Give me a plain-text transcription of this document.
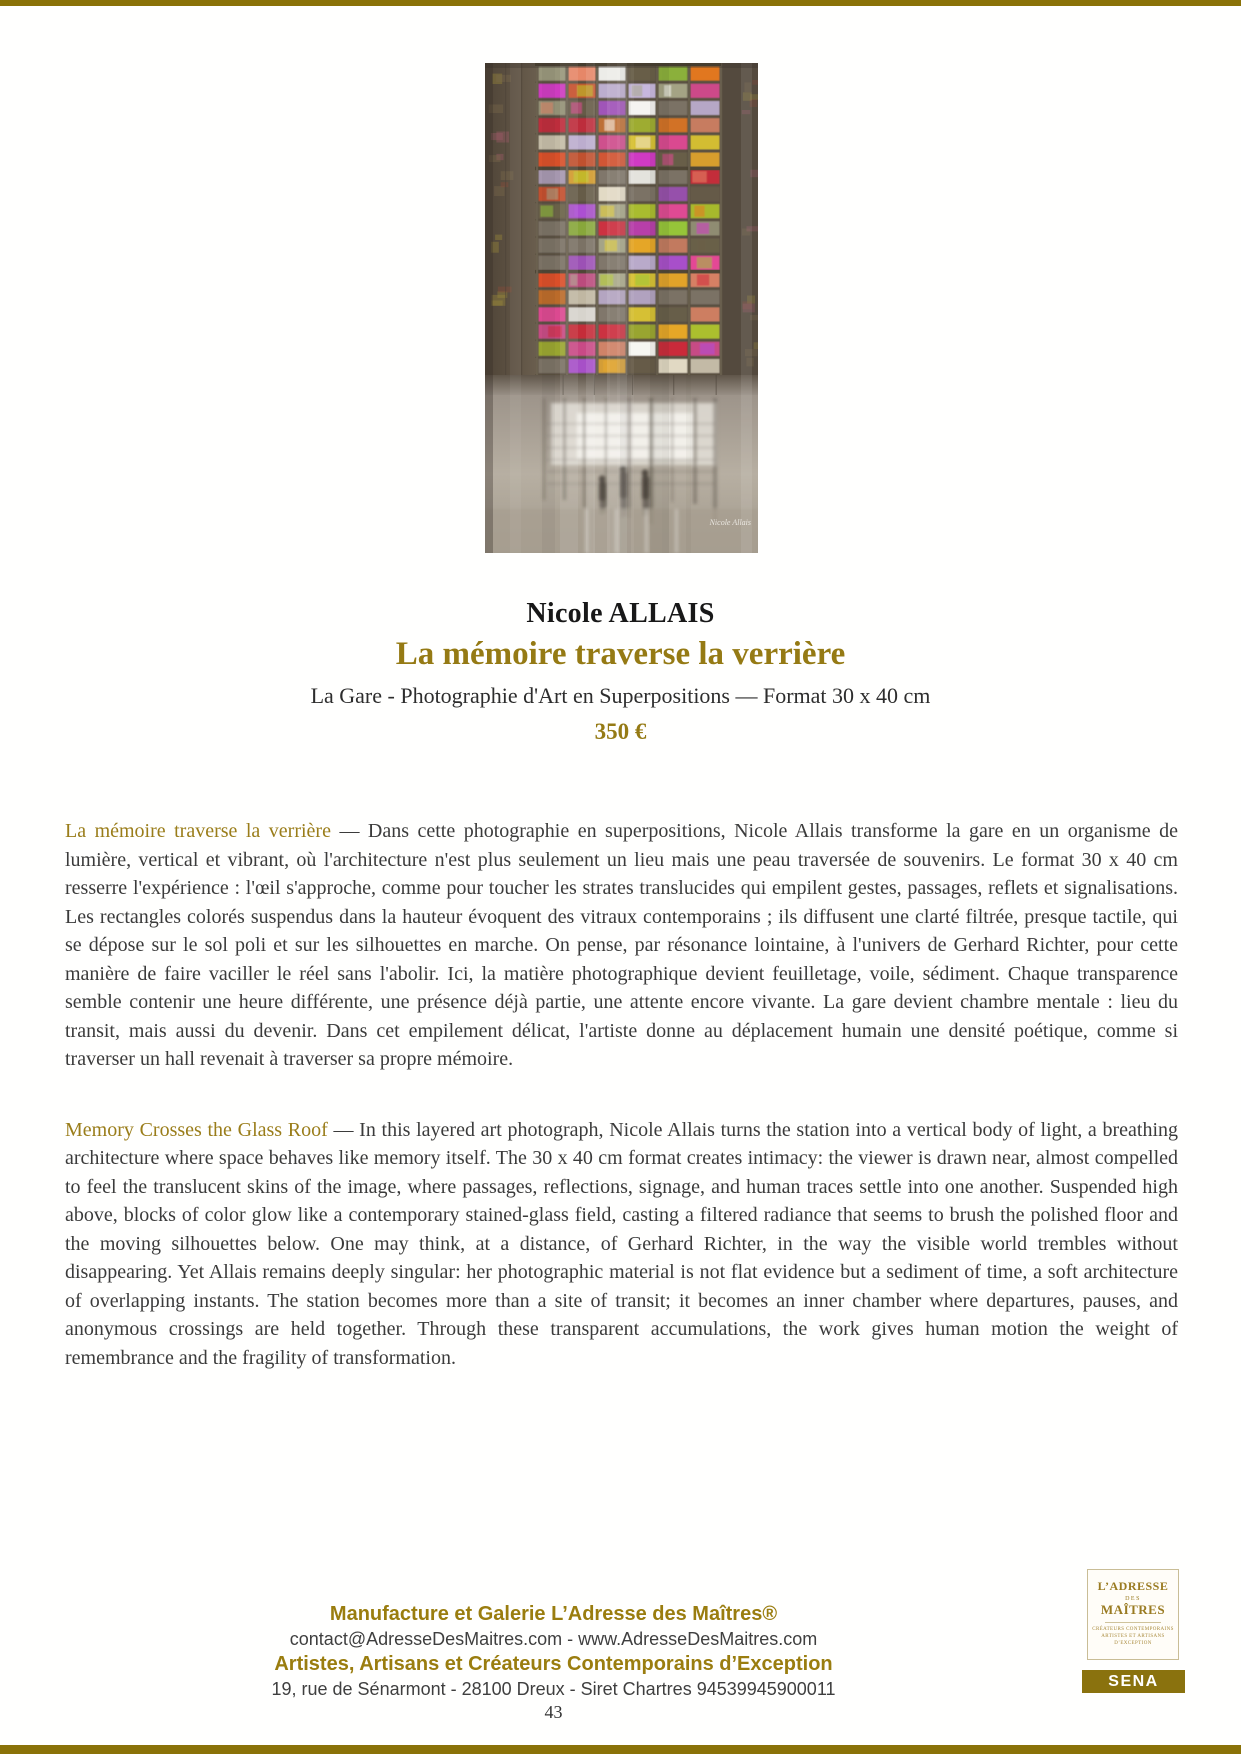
Nicole Allais
Nicole ALLAIS
La mémoire traverse la verrière
La Gare - Photographie d'Art en Superpositions — Format 30 x 40 cm
350 €

La mémoire traverse la verrière — Dans cette photographie en superpositions, Nicole Allais transforme la gare en un organisme de lumière, vertical et vibrant, où l'architecture n'est plus seulement un lieu mais une peau traversée de souvenirs. Le format 30 x 40 cm resserre l'expérience : l'œil s'approche, comme pour toucher les strates translucides qui empilent gestes, passages, reflets et signalisations. Les rectangles colorés suspendus dans la hauteur évoquent des vitraux contemporains ; ils diffusent une clarté filtrée, presque tactile, qui se dépose sur le sol poli et sur les silhouettes en marche. On pense, par résonance lointaine, à l'univers de Gerhard Richter, pour cette manière de faire vaciller le réel sans l'abolir. Ici, la matière photographique devient feuilletage, voile, sédiment. Chaque transparence semble contenir une heure différente, une présence déjà partie, une attente encore vivante. La gare devient chambre mentale : lieu du transit, mais aussi du devenir. Dans cet empilement délicat, l'artiste donne au déplacement humain une densité poétique, comme si traverser un hall revenait à traverser sa propre mémoire.

Memory Crosses the Glass Roof — In this layered art photograph, Nicole Allais turns the station into a vertical body of light, a breathing architecture where space behaves like memory itself. The 30 x 40 cm format creates intimacy: the viewer is drawn near, almost compelled to feel the translucent skins of the image, where passages, reflections, signage, and human traces settle into one another. Suspended high above, blocks of color glow like a contemporary stained-glass field, casting a filtered radiance that seems to brush the polished floor and the moving silhouettes below. One may think, at a distance, of Gerhard Richter, in the way the visible world trembles without disappearing. Yet Allais remains deeply singular: her photographic material is not flat evidence but a sediment of time, a soft architecture of overlapping instants. The station becomes more than a site of transit; it becomes an inner chamber where departures, pauses, and anonymous crossings are held together. Through these transparent accumulations, the work gives human motion the weight of remembrance and the fragility of transformation.

Manufacture et Galerie L’Adresse des Maîtres®
contact@AdresseDesMaitres.com - www.AdresseDesMaitres.com
Artistes, Artisans et Créateurs Contemporains d’Exception
19, rue de Sénarmont - 28100 Dreux - Siret Chartres 94539945900011
43
L’ADRESSE
DES
MAÎTRES
CRÉATEURS CONTEMPORAINS
ARTISTES ET ARTISANS
D’EXCEPTION
SENA
